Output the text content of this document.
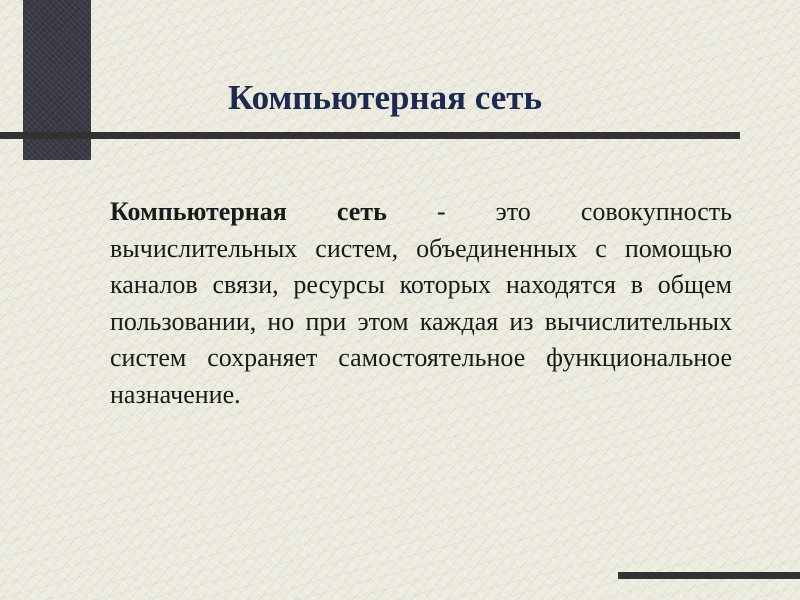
Компьютерная сеть

Компьютерная сеть - это совокупность вычислительных систем, объединенных с помощью каналов связи, ресурсы которых находятся в общем пользовании, но при этом каждая из вычислительных систем сохраняет самостоятельное функциональное назначение.
